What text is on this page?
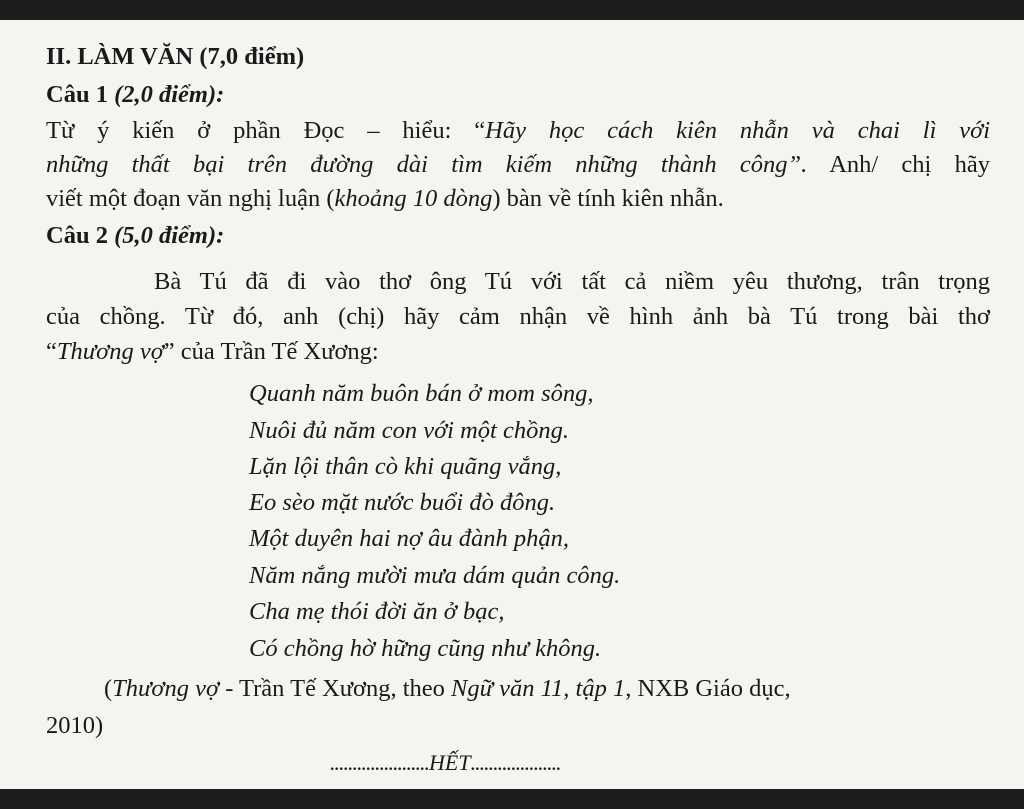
II. LÀM VĂN (7,0 điểm)
Câu 1 (2,0 điểm):
Từ ý kiến ở phần Đọc – hiểu: “Hãy học cách kiên nhẫn và chai lì với
những thất bại trên đường dài tìm kiếm những thành công”. Anh/ chị hãy
viết một đoạn văn nghị luận (khoảng 10 dòng) bàn về tính kiên nhẫn.
Câu 2 (5,0 điểm):
Bà Tú đã đi vào thơ ông Tú với tất cả niềm yêu thương, trân trọng
của chồng. Từ đó, anh (chị) hãy cảm nhận về hình ảnh bà Tú trong bài thơ
“Thương vợ” của Trần Tế Xương:
Quanh năm buôn bán ở mom sông,
Nuôi đủ năm con với một chồng.
Lặn lội thân cò khi quãng vắng,
Eo sèo mặt nước buổi đò đông.
Một duyên hai nợ âu đành phận,
Năm nắng mười mưa dám quản công.
Cha mẹ thói đời ăn ở bạc,
Có chồng hờ hững cũng như không.
(Thương vợ - Trần Tế Xương, theo Ngữ văn 11, tập 1, NXB Giáo dục,
2010)
......................HẾT....................
